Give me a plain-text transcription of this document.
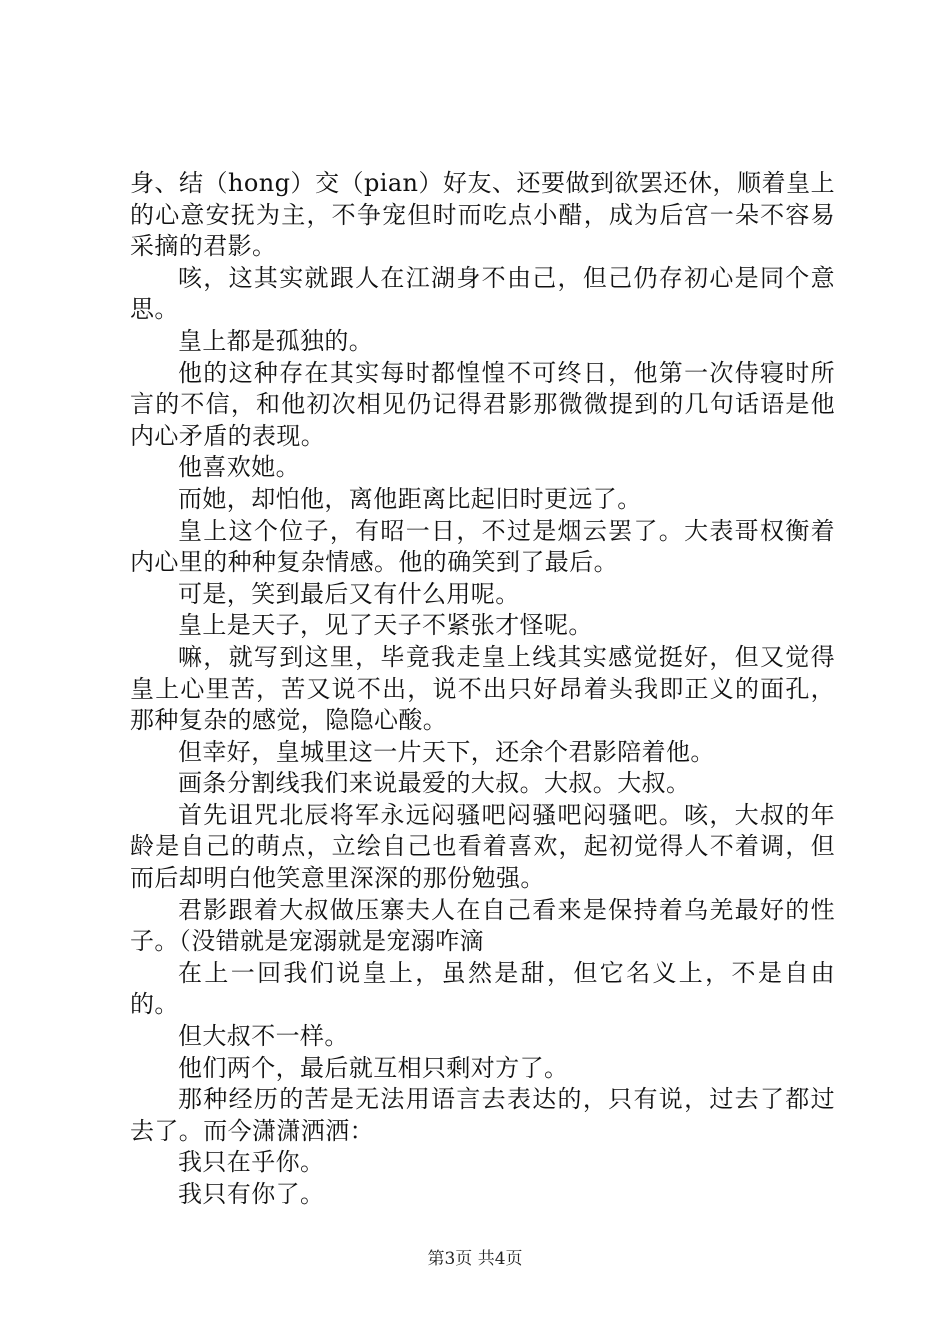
身、结（hong）交（pian）好友、还要做到欲罢还休，顺着皇上的心意安抚为主，不争宠但时而吃点小醋，成为后宫一朵不容易采摘的君影。

咳，这其实就跟人在江湖身不由己，但己仍存初心是同个意思。

皇上都是孤独的。

他的这种存在其实每时都惶惶不可终日，他第一次侍寝时所言的不信，和他初次相见仍记得君影那微微提到的几句话语是他内心矛盾的表现。

他喜欢她。

而她，却怕他，离他距离比起旧时更远了。

皇上这个位子，有昭一日，不过是烟云罢了。大表哥权衡着内心里的种种复杂情感。他的确笑到了最后。

可是，笑到最后又有什么用呢。

皇上是天子，见了天子不紧张才怪呢。

嘛，就写到这里，毕竟我走皇上线其实感觉挺好，但又觉得皇上心里苦，苦又说不出，说不出只好昂着头我即正义的面孔，那种复杂的感觉，隐隐心酸。

但幸好，皇城里这一片天下，还余个君影陪着他。

画条分割线我们来说最爱的大叔。大叔。大叔。

首先诅咒北辰将军永远闷骚吧闷骚吧闷骚吧。咳，大叔的年龄是自己的萌点，立绘自己也看着喜欢，起初觉得人不着调，但而后却明白他笑意里深深的那份勉强。

君影跟着大叔做压寨夫人在自己看来是保持着乌羌最好的性子。（没错就是宠溺就是宠溺咋滴

在上一回我们说皇上，虽然是甜，但它名义上，不是自由的。

但大叔不一样。

他们两个，最后就互相只剩对方了。

那种经历的苦是无法用语言去表达的，只有说，过去了都过去了。而今潇潇洒洒：

我只在乎你。

我只有你了。

第3页 共4页
